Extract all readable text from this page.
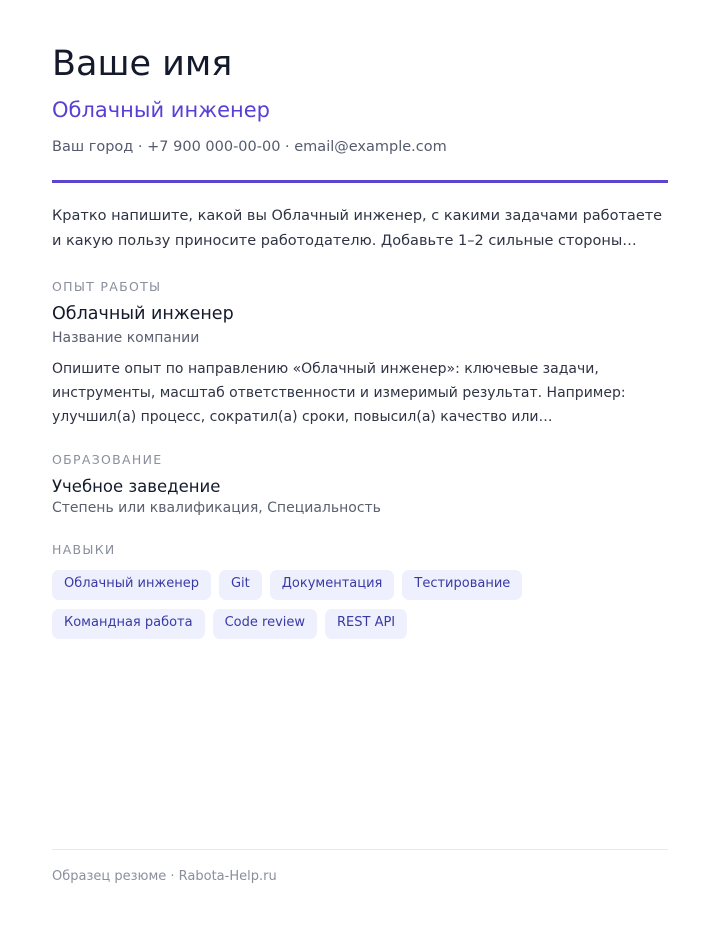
Ваше имя
Облачный инженер
Ваш город · +7 900 000-00-00 · email@example.com
Кратко напишите, какой вы Облачный инженер, с какими задачами работаете и какую пользу приносите работодателю. Добавьте 1–2 сильные стороны…
ОПЫТ РАБОТЫ
Облачный инженер
Название компании
Опишите опыт по направлению «Облачный инженер»: ключевые задачи, инструменты, масштаб ответственности и измеримый результат. Например: улучшил(а) процесс, сократил(а) сроки, повысил(а) качество или…
ОБРАЗОВАНИЕ
Учебное заведение
Степень или квалификация, Специальность
НАВЫКИ
Облачный инженер	Git	Документация	Тестирование
Командная работа	Code review	REST API
Образец резюме · Rabota-Help.ru
